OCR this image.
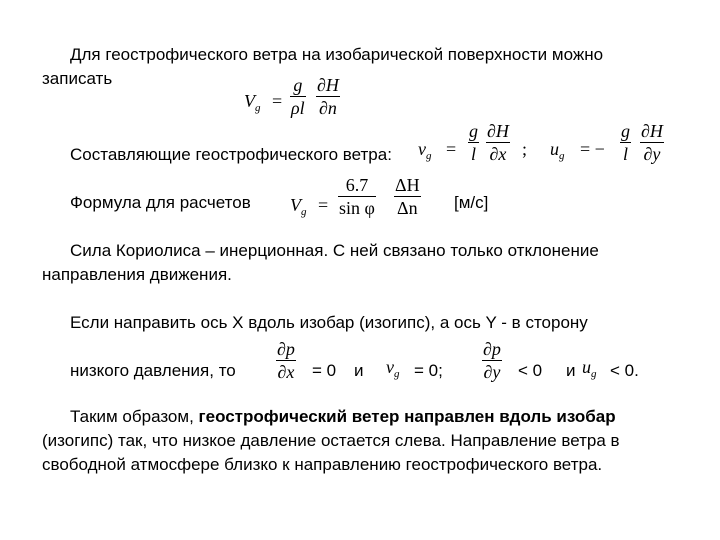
Для геострофического ветра на изобарической поверхности можно
записать
$V_g$ =
g
ρl
∂H
∂n
Составляющие геострофического ветра: $v_g$ =
g
l
∂H
∂x ; $u_g$ = −
g
l
∂H
∂y
Формула для расчетов $V_g$ =
6.7
sin φ
ΔH
Δn [м/с]
Сила Кориолиса – инерционная. С ней связано только отклонение
направления движения.
Если направить ось X вдоль изобар (изогипс), а ось Y - в сторону
низкого давления, то
∂p
∂x = 0 и $v_g = 0$;
∂p
∂y < 0 и $u_g < 0$.
Таким образом, геострофический ветер направлен вдоль изобар
(изогипс) так, что низкое давление остается слева. Направление ветра в
свободной атмосфере близко к направлению геострофического ветра.
